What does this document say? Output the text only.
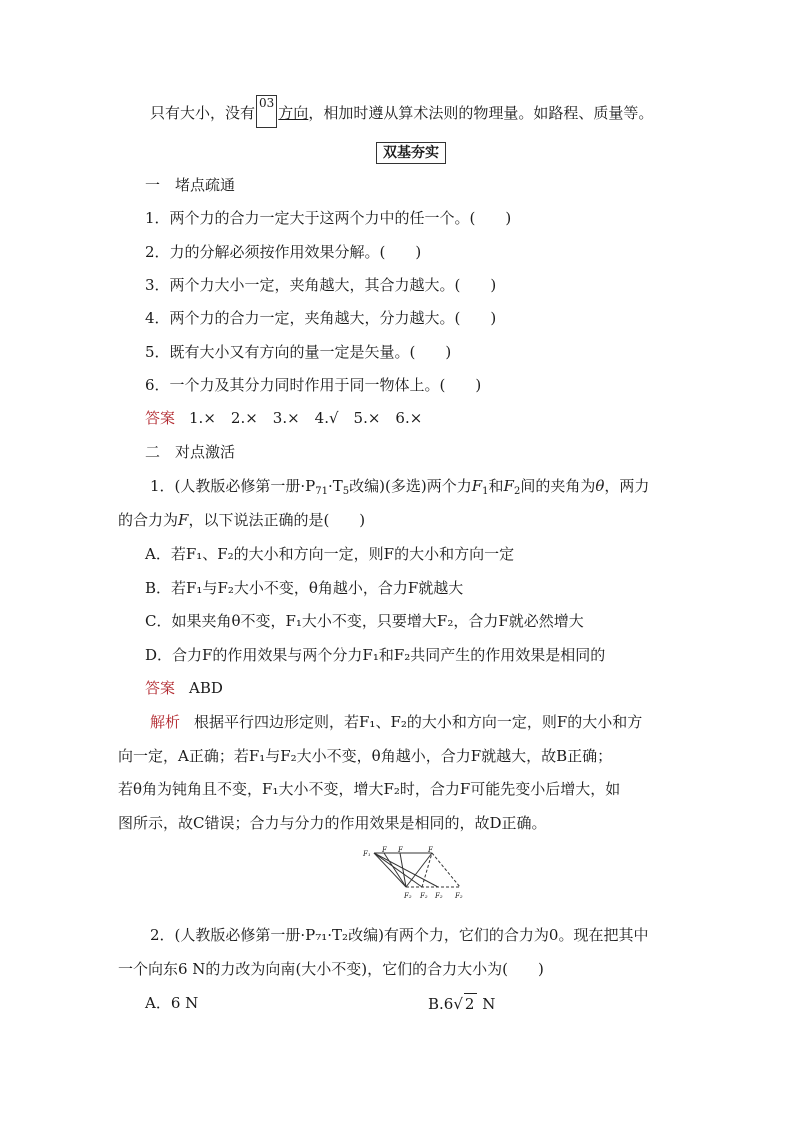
只有大小，没有03方向，相加时遵从算术法则的物理量。如路程、质量等。
双基夯实
一　堵点疏通
1．两个力的合力一定大于这两个力中的任一个。(　　)
2．力的分解必须按作用效果分解。(　　)
3．两个力大小一定，夹角越大，其合力越大。(　　)
4．两个力的合力一定，夹角越大，分力越大。(　　)
5．既有大小又有方向的量一定是矢量。(　　)
6．一个力及其分力同时作用于同一物体上。(　　)
答案 1.×　2.×　3.×　4.√　5.×　6.×
二　对点激活
1．(人教版必修第一册$\cdot P_{71}\cdot T_5$改编)(多选)两个力$F_1$和$F_2$间的夹角为θ，两力
的合力为F，以下说法正确的是(　　)
A．若F₁、F₂的大小和方向一定，则F的大小和方向一定
B．若F₁与F₂大小不变，θ角越小，合力F就越大
C．如果夹角θ不变，F₁大小不变，只要增大F₂，合力F就必然增大
D．合力F的作用效果与两个分力F₁和F₂共同产生的作用效果是相同的
答案 ABD
解析 根据平行四边形定则，若F₁、F₂的大小和方向一定，则F的大小和方
向一定，A正确；若F₁与F₂大小不变，θ角越小，合力F就越大，故B正确；
若θ角为钝角且不变，F₁大小不变，增大F₂时，合力F可能先变小后增大，如
图所示，故C错误；合力与分力的作用效果是相同的，故D正确。
F₁ F F	F
F₂ F₂ F₂ F₂
2．(人教版必修第一册·P₇₁·T₂改编)有两个力，它们的合力为0。现在把其中
一个向东6 N的力改为向南(大小不变)，它们的合力大小为(　　)
A．6 N	B.6√ 2 N
